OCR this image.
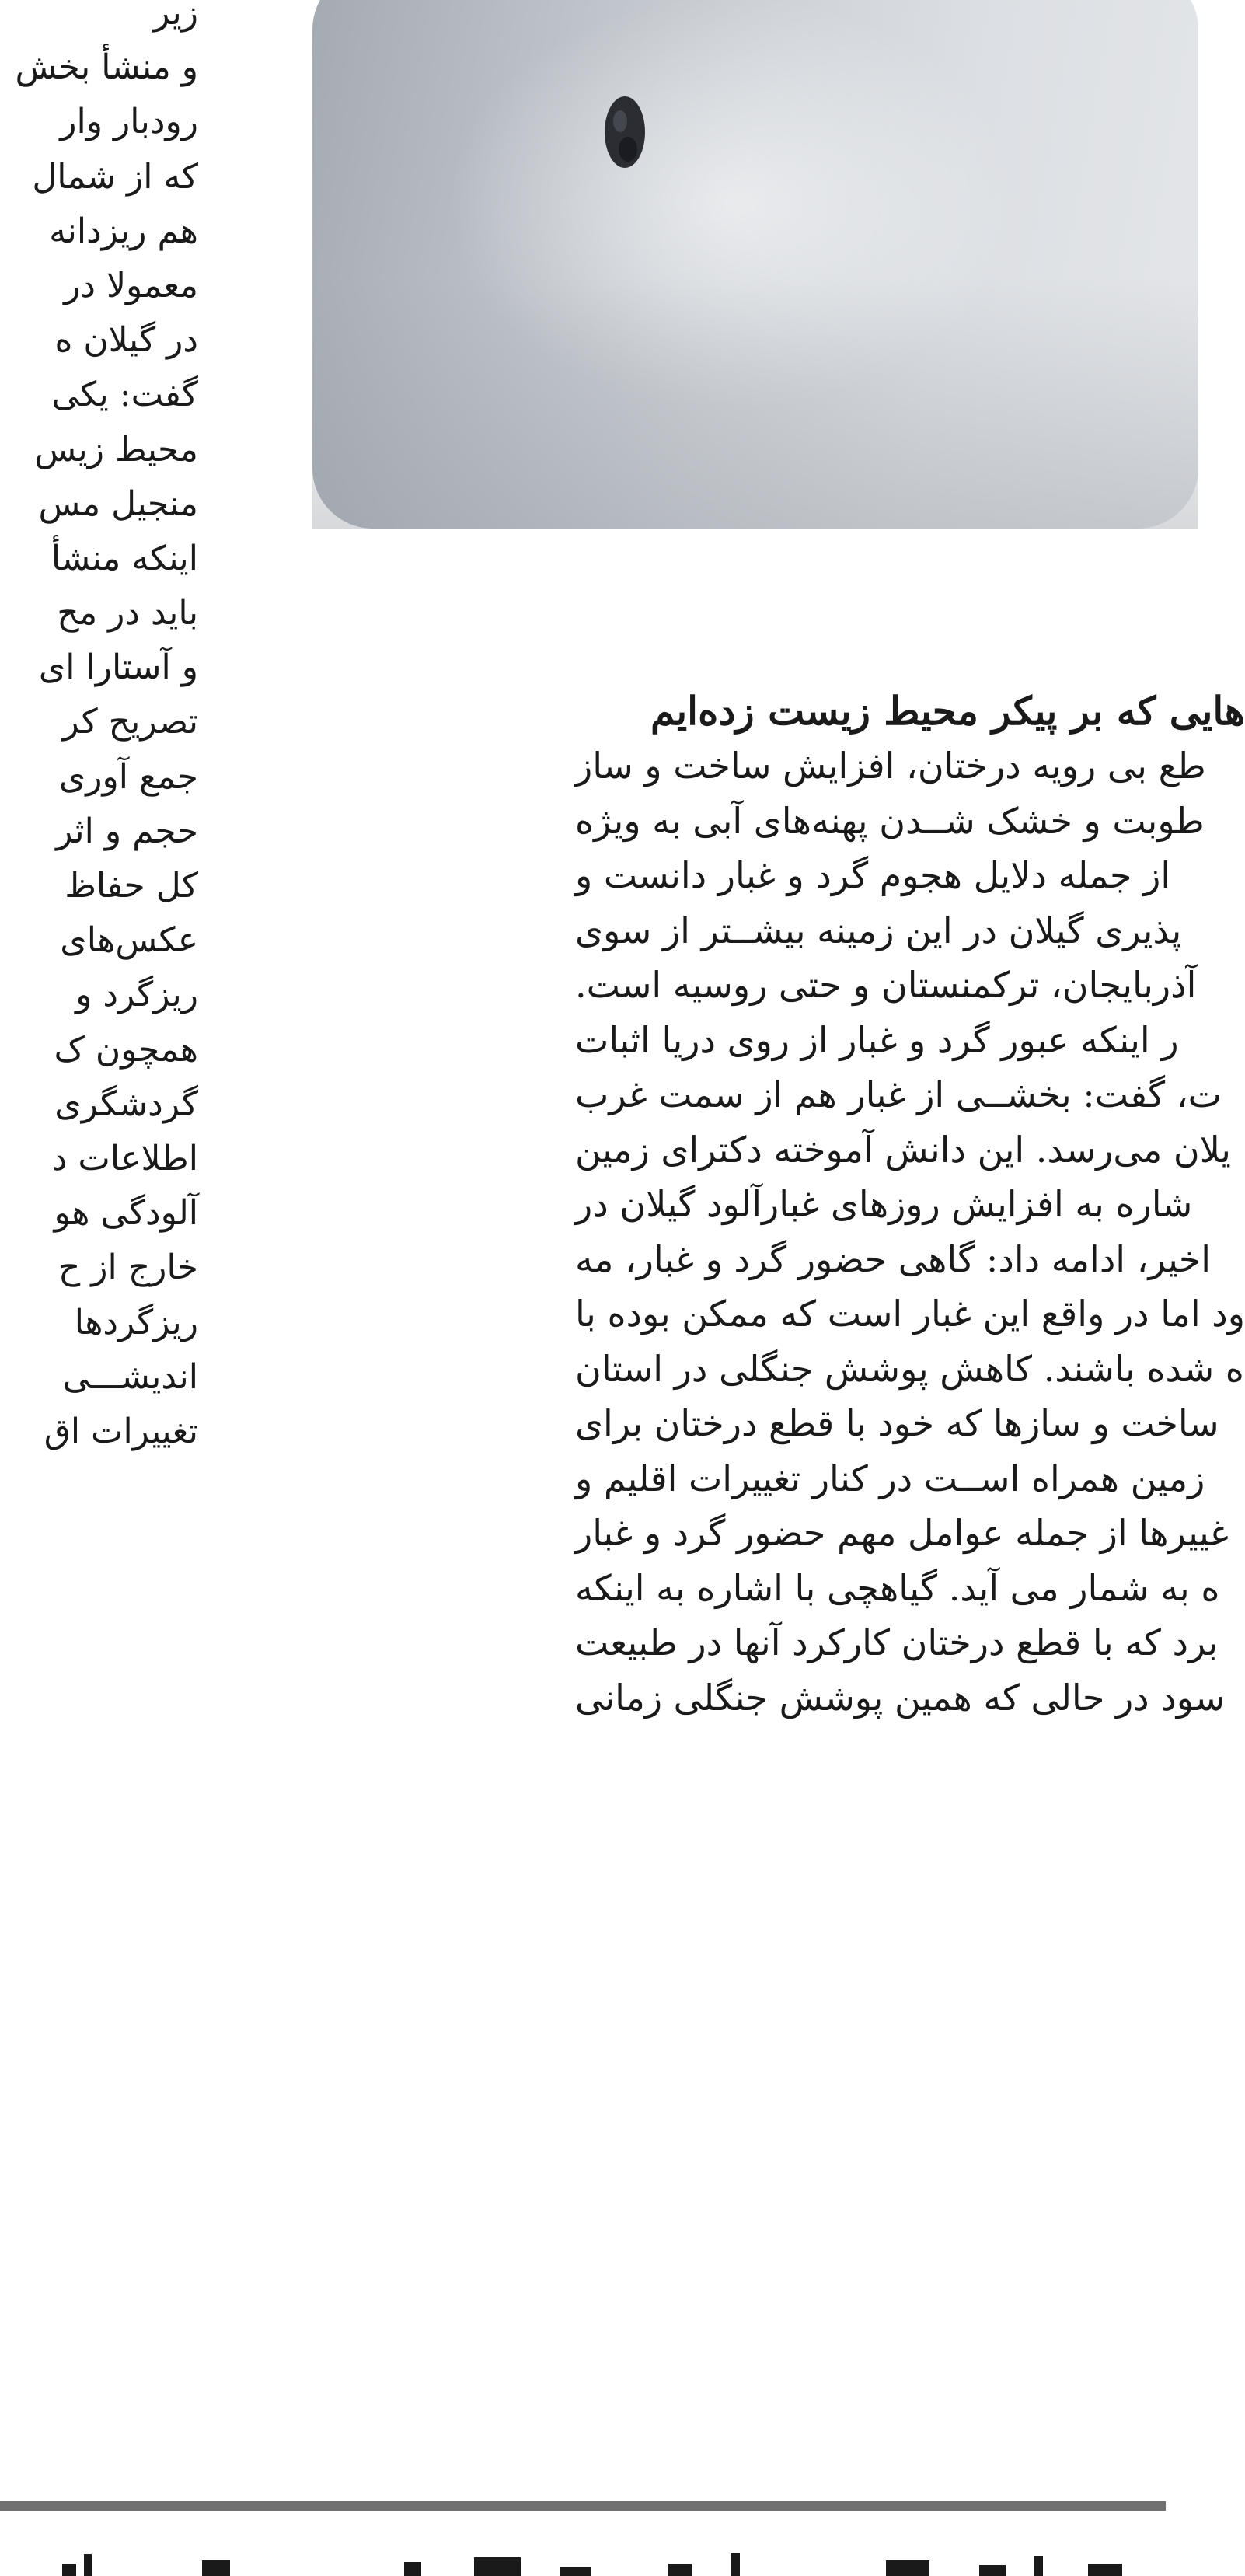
زیر
و منشأ بخش
رودبار وار
که از شمال
هم ریزدانه
معمولا در
در گیلان ه
گفت: یکی
محیط زیس
منجیل مس
اینکه منشأ
باید در مح
و آستارا ای
تصریح کر
جمع آوری
حجم و اثر
کل حفاظ
عکس‌های
ریزگرد و
همچون ک
گردشگری
اطلاعات د
آلودگی هو
خارج از ح
ریزگردها
اندیشـــی
تغییرات اق
هایی که بر پیکر محیط زیست زده‌ایم
طع بی رویه درختان، افزایش ساخت و ساز
طوبت و خشک شــدن پهنه‌های آبی به ویژه
از جمله دلایل هجوم گرد و غبار دانست و
پذیری گیلان در این زمینه بیشــتر از سوی
آذربایجان، ترکمنستان و حتی روسیه است.
ر اینکه عبور گرد و غبار از روی دریا اثبات
ت، گفت: بخشــی از غبار هم از سمت غرب
یلان می‌رسد. این دانش آموخته دکترای زمین
شاره به افزایش روزهای غبارآلود گیلان در
اخیر، ادامه داد: گاهی حضور گرد و غبار، مه
ود اما در واقع این غبار است که ممکن بوده با
ه شده باشند. کاهش پوشش جنگلی در استان
ساخت و سازها که خود با قطع درختان برای
زمین همراه اســت در کنار تغییرات اقلیم و
غییرها از جمله عوامل مهم حضور گرد و غبار
ه به شمار می آید. گیاهچی با اشاره به اینکه
برد که با قطع درختان کارکرد آنها در طبیعت
سود در حالی که همین پوشش جنگلی زمانی
